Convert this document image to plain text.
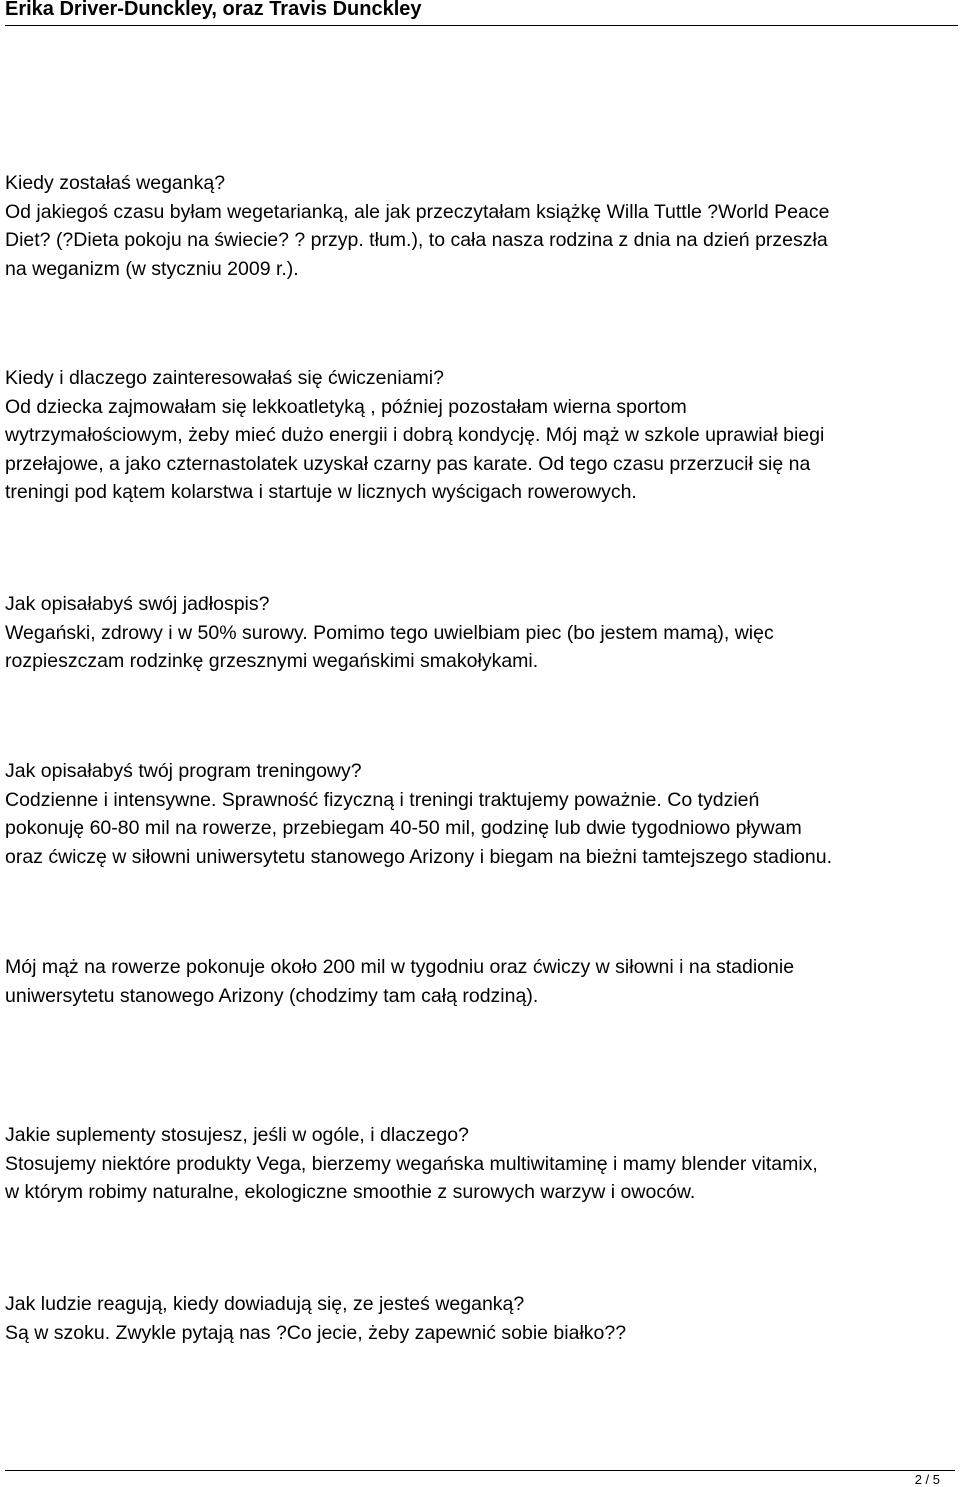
Erika Driver-Dunckley, oraz Travis Dunckley
Kiedy zostałaś weganką?
Od jakiegoś czasu byłam wegetarianką, ale jak przeczytałam książkę Willa Tuttle ?World Peace
Diet? (?Dieta pokoju na świecie? ? przyp. tłum.), to cała nasza rodzina z dnia na dzień przeszła
na weganizm (w styczniu 2009 r.).
Kiedy i dlaczego zainteresowałaś się ćwiczeniami?
Od dziecka zajmowałam się lekkoatletyką , później pozostałam wierna sportom
wytrzymałościowym, żeby mieć dużo energii i dobrą kondycję. Mój mąż w szkole uprawiał biegi
przełajowe, a jako czternastolatek uzyskał czarny pas karate. Od tego czasu przerzucił się na
treningi pod kątem kolarstwa i startuje w licznych wyścigach rowerowych.
Jak opisałabyś swój jadłospis?
Wegański, zdrowy i w 50% surowy. Pomimo tego uwielbiam piec (bo jestem mamą), więc
rozpieszczam rodzinkę grzesznymi wegańskimi smakołykami.
Jak opisałabyś twój program treningowy?
Codzienne i intensywne. Sprawność fizyczną i treningi traktujemy poważnie. Co tydzień
pokonuję 60-80 mil na rowerze, przebiegam 40-50 mil, godzinę lub dwie tygodniowo pływam
oraz ćwiczę w siłowni uniwersytetu stanowego Arizony i biegam na bieżni tamtejszego stadionu.
Mój mąż na rowerze pokonuje około 200 mil w tygodniu oraz ćwiczy w siłowni i na stadionie
uniwersytetu stanowego Arizony (chodzimy tam całą rodziną).
Jakie suplementy stosujesz, jeśli w ogóle, i dlaczego?
Stosujemy niektóre produkty Vega, bierzemy wegańska multiwitaminę i mamy blender vitamix,
w którym robimy naturalne, ekologiczne smoothie z surowych warzyw i owoców.
Jak ludzie reagują, kiedy dowiadują się, ze jesteś weganką?
Są w szoku. Zwykle pytają nas ?Co jecie, żeby zapewnić sobie białko??
2 / 5
